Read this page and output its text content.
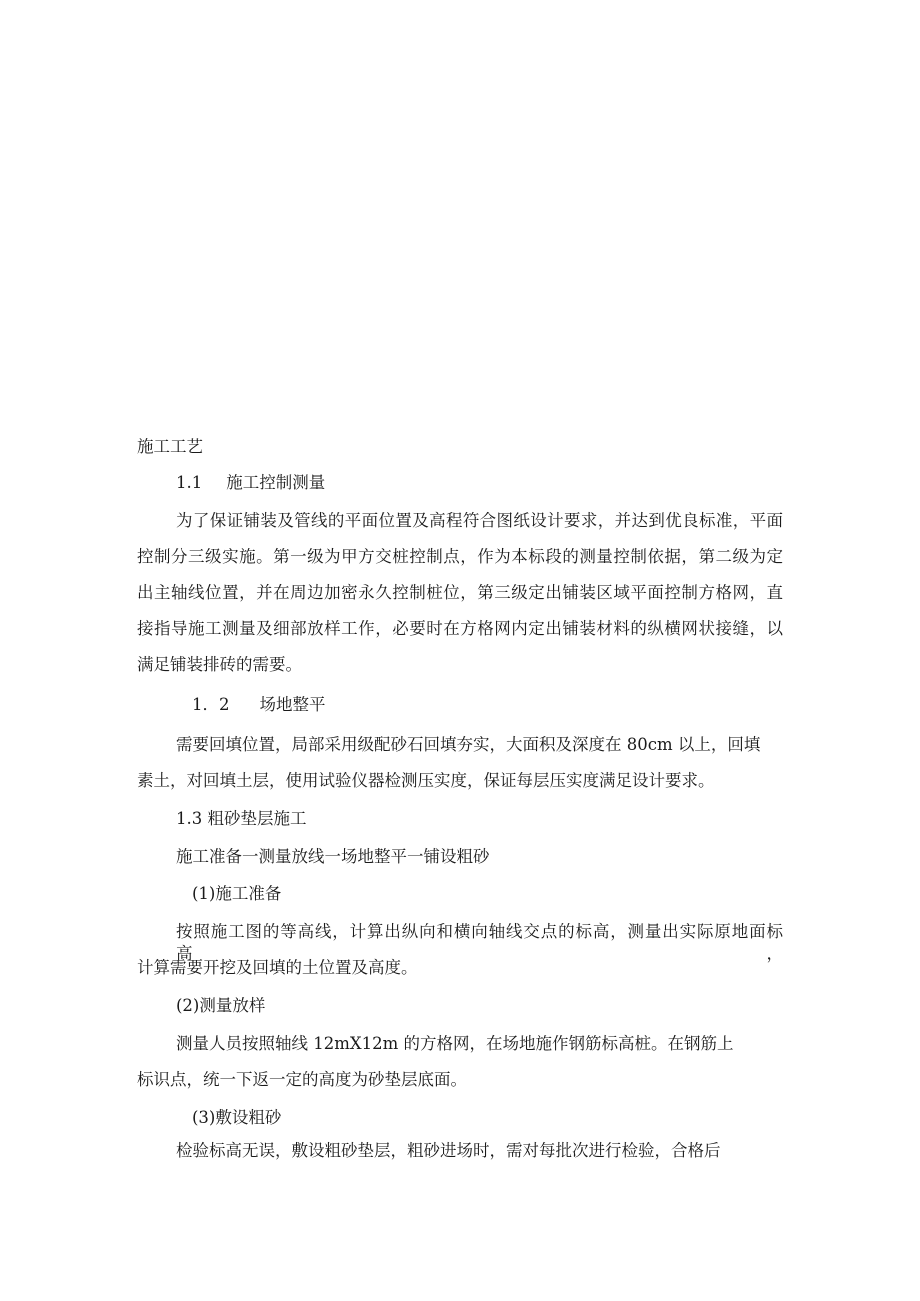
施工工艺
1.1 施工控制测量
为了保证铺装及管线的平面位置及高程符合图纸设计要求，并达到优良标准，平面
控制分三级实施。第一级为甲方交桩控制点，作为本标段的测量控制依据，第二级为定
出主轴线位置，并在周边加密永久控制桩位，第三级定出铺装区域平面控制方格网，直
接指导施工测量及细部放样工作，必要时在方格网内定出铺装材料的纵横网状接缝，以
满足铺装排砖的需要。
1．2 场地整平
需要回填位置，局部采用级配砂石回填夯实，大面积及深度在 80cm 以上，回填
素土，对回填土层，使用试验仪器检测压实度，保证每层压实度满足设计要求。
1.3 粗砂垫层施工
施工准备一测量放线一场地整平一铺设粗砂
(1)施工准备
按照施工图的等高线，计算出纵向和横向轴线交点的标高，测量出实际原地面标高，
计算需要开挖及回填的土位置及高度。
(2)测量放样
测量人员按照轴线 12mX12m 的方格网，在场地施作钢筋标高桩。在钢筋上
标识点，统一下返一定的高度为砂垫层底面。
(3)敷设粗砂
检验标高无误，敷设粗砂垫层，粗砂进场时，需对每批次进行检验，合格后
